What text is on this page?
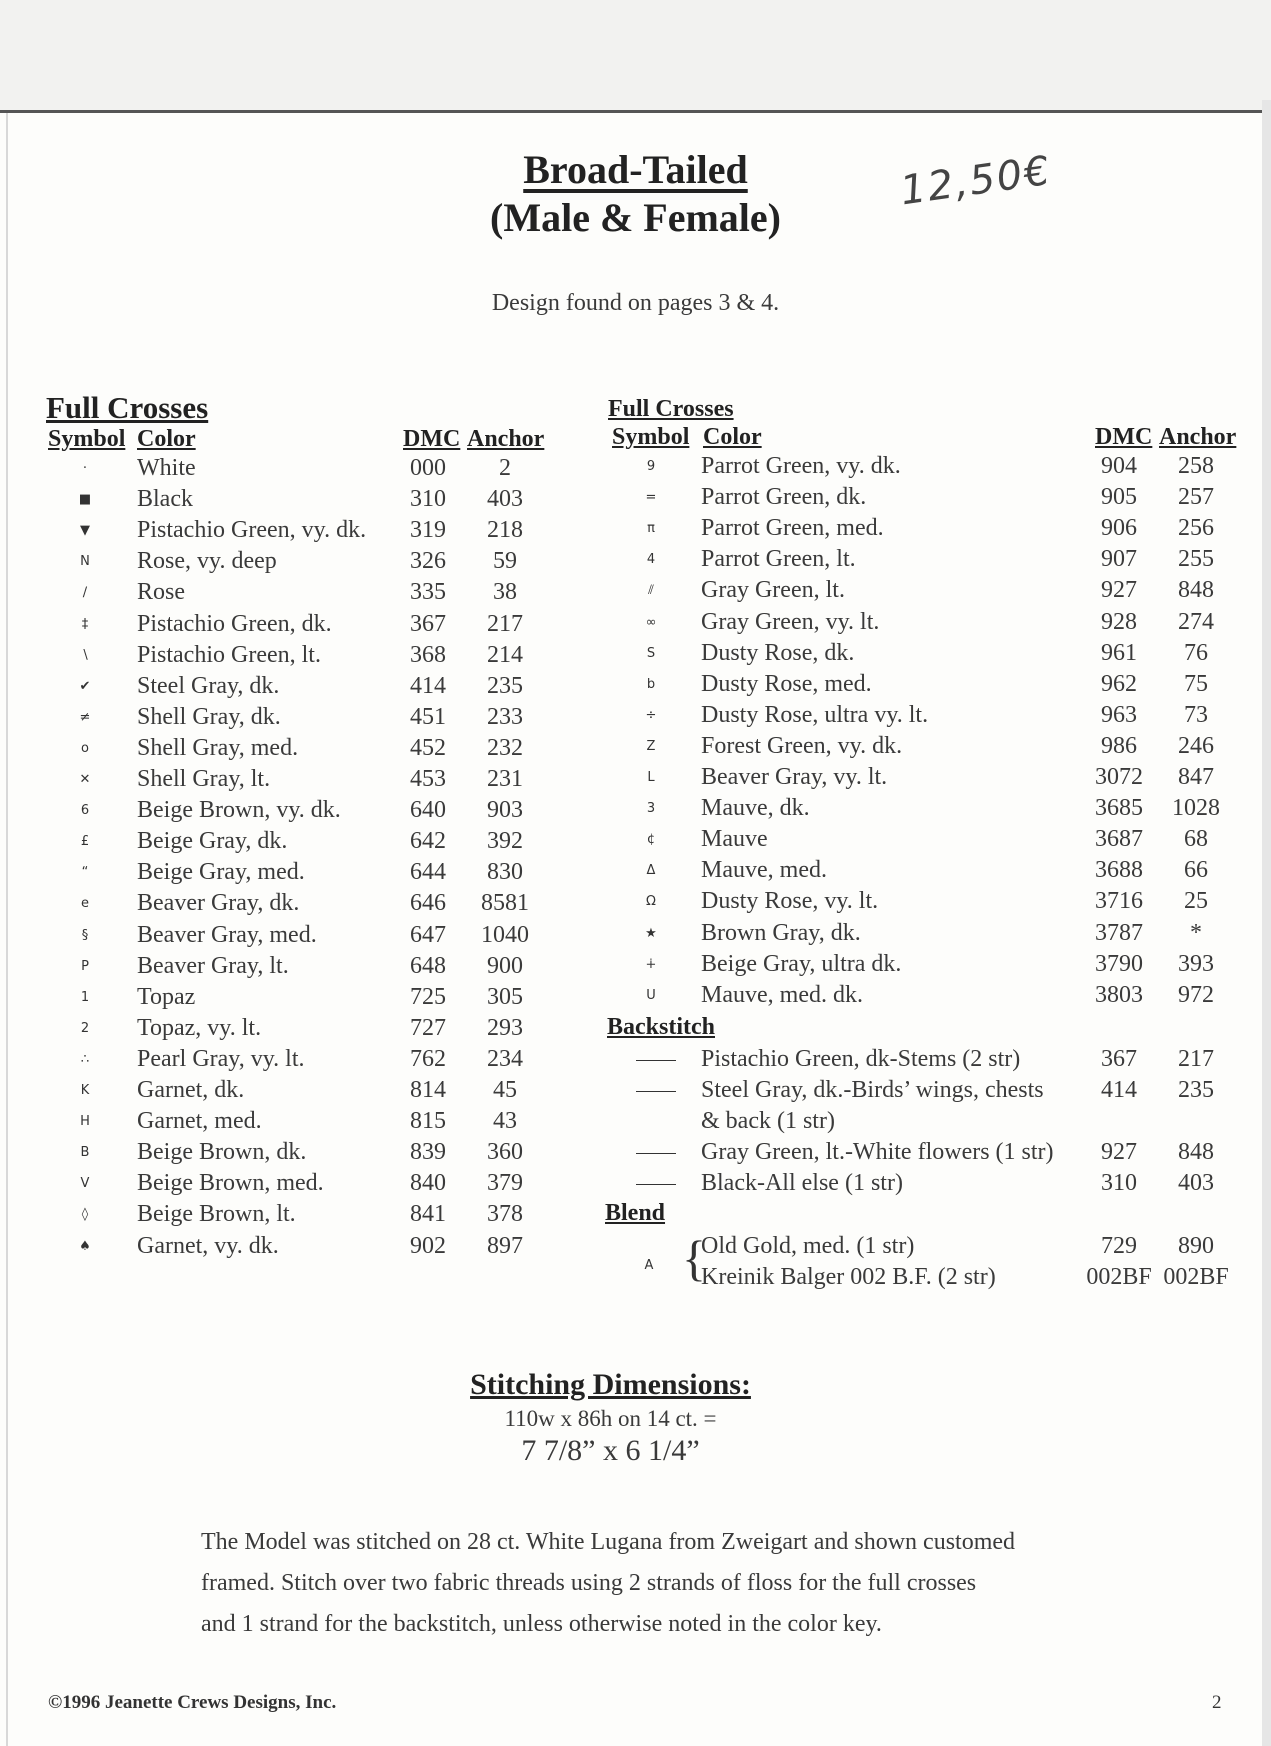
Broad-Tailed
(Male & Female)
12,50€
Design found on pages 3 & 4.
Full Crosses
Symbol Color	DMC Anchor
·	White	000	2
■	Black	310	403
▼	Pistachio Green, vy. dk.	319	218
N	Rose, vy. deep	326	59
∕	Rose	335	38
‡	Pistachio Green, dk.	367	217
∖	Pistachio Green, lt.	368	214
✔	Steel Gray, dk.	414	235
≠	Shell Gray, dk.	451	233
o	Shell Gray, med.	452	232
✕	Shell Gray, lt.	453	231
6	Beige Brown, vy. dk.	640	903
£	Beige Gray, dk.	642	392
“	Beige Gray, med.	644	830
e	Beaver Gray, dk.	646	8581
§	Beaver Gray, med.	647	1040
P	Beaver Gray, lt.	648	900
1	Topaz	725	305
2	Topaz, vy. lt.	727	293
∴	Pearl Gray, vy. lt.	762	234
K	Garnet, dk.	814	45
H	Garnet, med.	815	43
B	Beige Brown, dk.	839	360
V	Beige Brown, med.	840	379
◊	Beige Brown, lt.	841	378
♠	Garnet, vy. dk.	902	897
Full Crosses
Symbol Color	DMC Anchor
9	Parrot Green, vy. dk.	904	258
=	Parrot Green, dk.	905	257
π	Parrot Green, med.	906	256
4	Parrot Green, lt.	907	255
⫽	Gray Green, lt.	927	848
∞	Gray Green, vy. lt.	928	274
S	Dusty Rose, dk.	961	76
b	Dusty Rose, med.	962	75
÷	Dusty Rose, ultra vy. lt.	963	73
Z	Forest Green, vy. dk.	986	246
L	Beaver Gray, vy. lt.	3072	847
3	Mauve, dk.	3685	1028
¢	Mauve	3687	68
Δ	Mauve, med.	3688	66
Ω	Dusty Rose, vy. lt.	3716	25
★	Brown Gray, dk.	3787	*
∔	Beige Gray, ultra dk.	3790	393
U	Mauve, med. dk.	3803	972
Backstitch
Pistachio Green, dk-Stems (2 str)	367	217
Steel Gray, dk.-Birds’ wings, chests	414	235
& back (1 str)
Gray Green, lt.-White flowers (1 str)	927	848
Black-All else (1 str)	310	403
Blend
A {
Old Gold, med. (1 str)	729	890
Kreinik Balger 002 B.F. (2 str)	002BF 002BF
Stitching Dimensions:
110w x 86h on 14 ct. =
7 7/8” x 6 1/4”

The Model was stitched on 28 ct. White Lugana from Zweigart and shown customed

framed. Stitch over two fabric threads using 2 strands of floss for the full crosses

and 1 strand for the backstitch, unless otherwise noted in the color key.

©1996 Jeanette Crews Designs, Inc.	2
